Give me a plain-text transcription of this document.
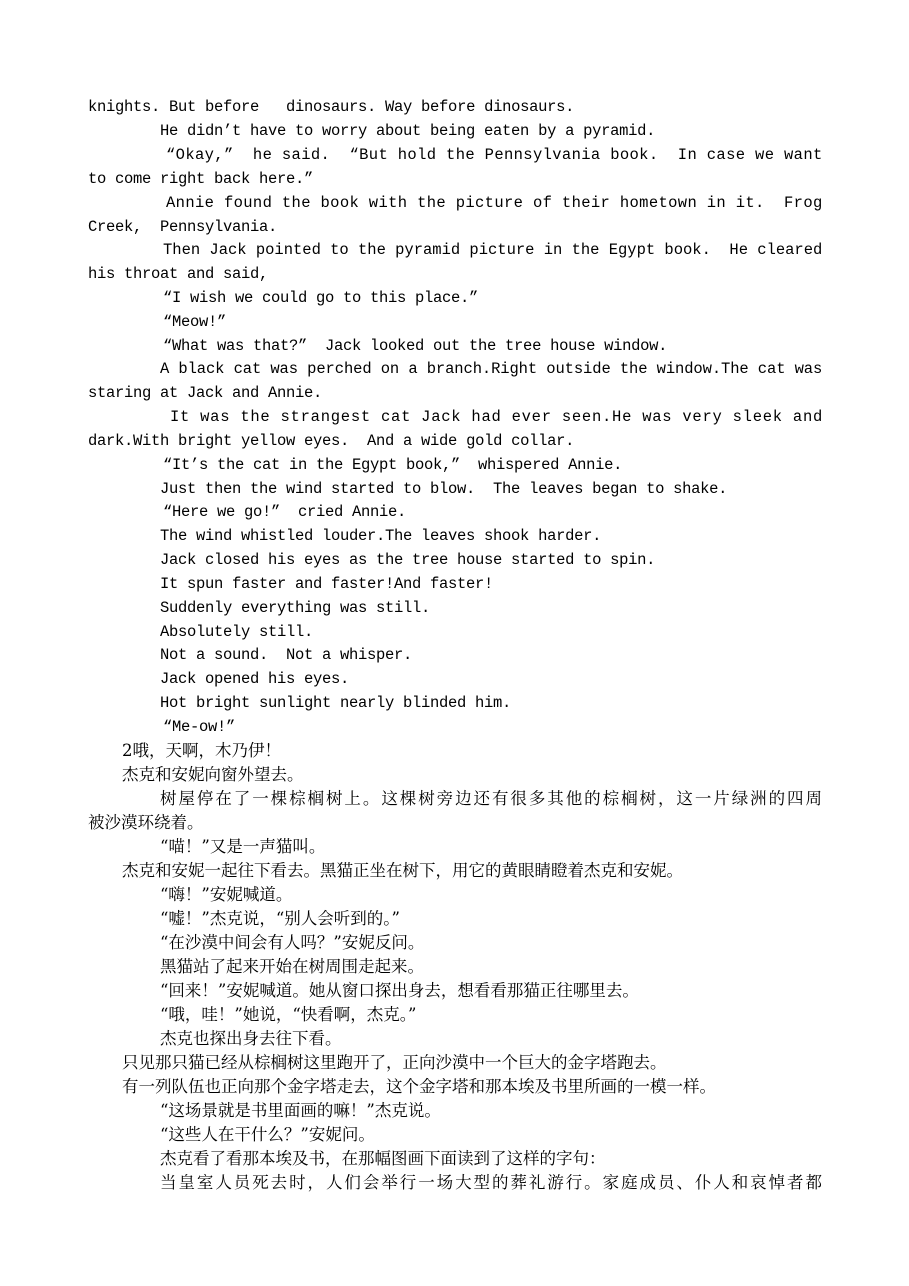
knights. But before   dinosaurs. Way before dinosaurs.
He didn’t have to worry about being eaten by a pyramid.
“Okay,”  he said.  “But hold the Pennsylvania book.  In case we want
to come right back here.”
Annie found the book with the picture of their hometown in it.  Frog
Creek,  Pennsylvania.
Then Jack pointed to the pyramid picture in the Egypt book.  He cleared
his throat and said,
“I wish we could go to this place.”
“Meow!”
“What was that?”  Jack looked out the tree house window.
A black cat was perched on a branch.Right outside the window.The cat was
staring at Jack and Annie.
It was the strangest cat Jack had ever seen.He was very sleek and
dark.With bright yellow eyes.  And a wide gold collar.
“It’s the cat in the Egypt book,”  whispered Annie.
Just then the wind started to blow.  The leaves began to shake.
“Here we go!”  cried Annie.
The wind whistled louder.The leaves shook harder.
Jack closed his eyes as the tree house started to spin.
It spun faster and faster!And faster!
Suddenly everything was still.
Absolutely still.
Not a sound.  Not a whisper.
Jack opened his eyes.
Hot bright sunlight nearly blinded him.
“Me-ow!”
2哦，天啊，木乃伊！
杰克和安妮向窗外望去。
树屋停在了一棵棕榈树上。这棵树旁边还有很多其他的棕榈树，这一片绿洲的四周
被沙漠环绕着。
“喵！”又是一声猫叫。
杰克和安妮一起往下看去。黑猫正坐在树下，用它的黄眼睛瞪着杰克和安妮。
“嗨！”安妮喊道。
“嘘！”杰克说，“别人会听到的。”
“在沙漠中间会有人吗？”安妮反问。
黑猫站了起来开始在树周围走起来。
“回来！”安妮喊道。她从窗口探出身去，想看看那猫正往哪里去。
“哦，哇！”她说，“快看啊，杰克。”
杰克也探出身去往下看。
只见那只猫已经从棕榈树这里跑开了，正向沙漠中一个巨大的金字塔跑去。
有一列队伍也正向那个金字塔走去，这个金字塔和那本埃及书里所画的一模一样。
“这场景就是书里面画的嘛！”杰克说。
“这些人在干什么？”安妮问。
杰克看了看那本埃及书，在那幅图画下面读到了这样的字句：
当皇室人员死去时，人们会举行一场大型的葬礼游行。家庭成员、仆人和哀悼者都
